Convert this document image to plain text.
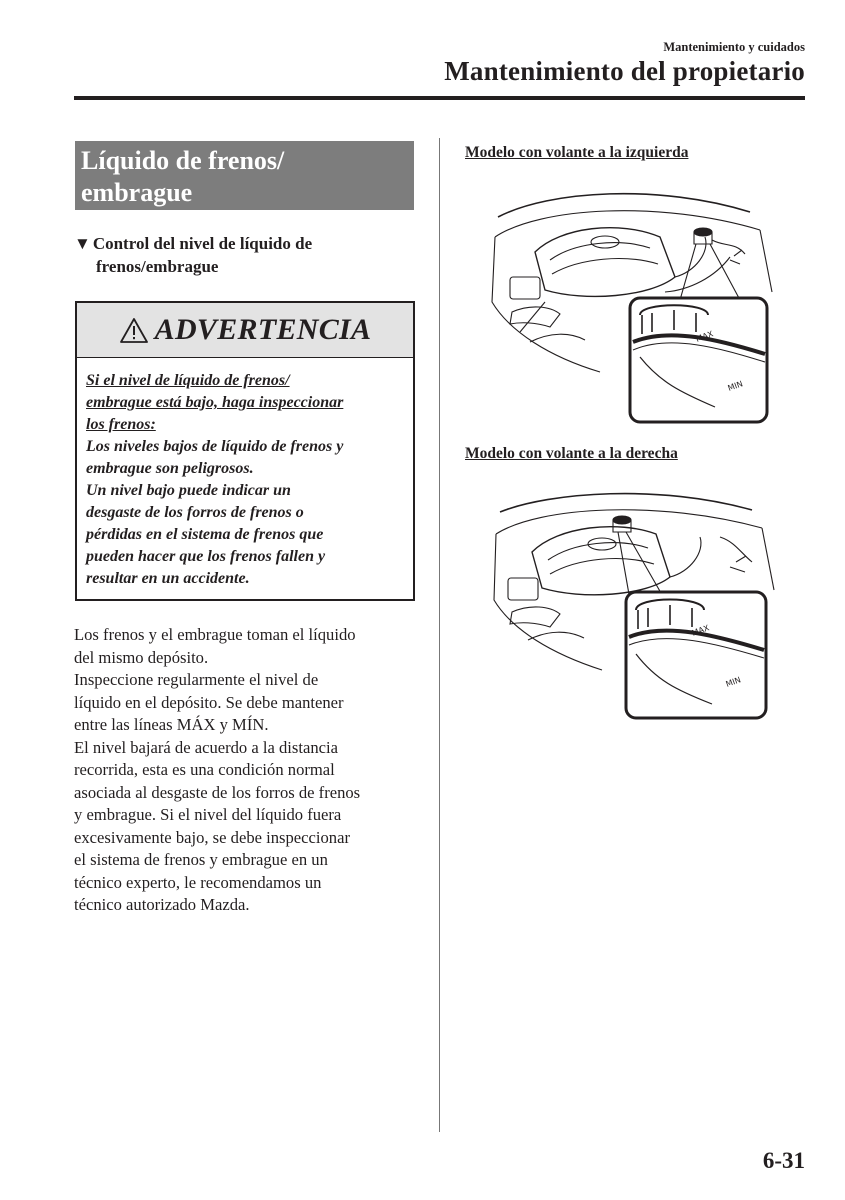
Mantenimiento y cuidados
Mantenimiento del propietario
Líquido de frenos/
embrague
▼ Control del nivel de líquido de
frenos/embrague
ADVERTENCIA

Si el nivel de líquido de frenos/

embrague está bajo, haga inspeccionar

los frenos:

Los niveles bajos de líquido de frenos y

embrague son peligrosos.

Un nivel bajo puede indicar un

desgaste de los forros de frenos o

pérdidas en el sistema de frenos que

pueden hacer que los frenos fallen y

resultar en un accidente.

Los frenos y el embrague toman el líquido

del mismo depósito.

Inspeccione regularmente el nivel de

líquido en el depósito. Se debe mantener

entre las líneas MÁX y MÍN.

El nivel bajará de acuerdo a la distancia

recorrida, esta es una condición normal

asociada al desgaste de los forros de frenos

y embrague. Si el nivel del líquido fuera

excesivamente bajo, se debe inspeccionar

el sistema de frenos y embrague en un

técnico experto, le recomendamos un

técnico autorizado Mazda.

Modelo con volante a la izquierda
MAX
MIN
Modelo con volante a la derecha
MAX
MIN
6-31
